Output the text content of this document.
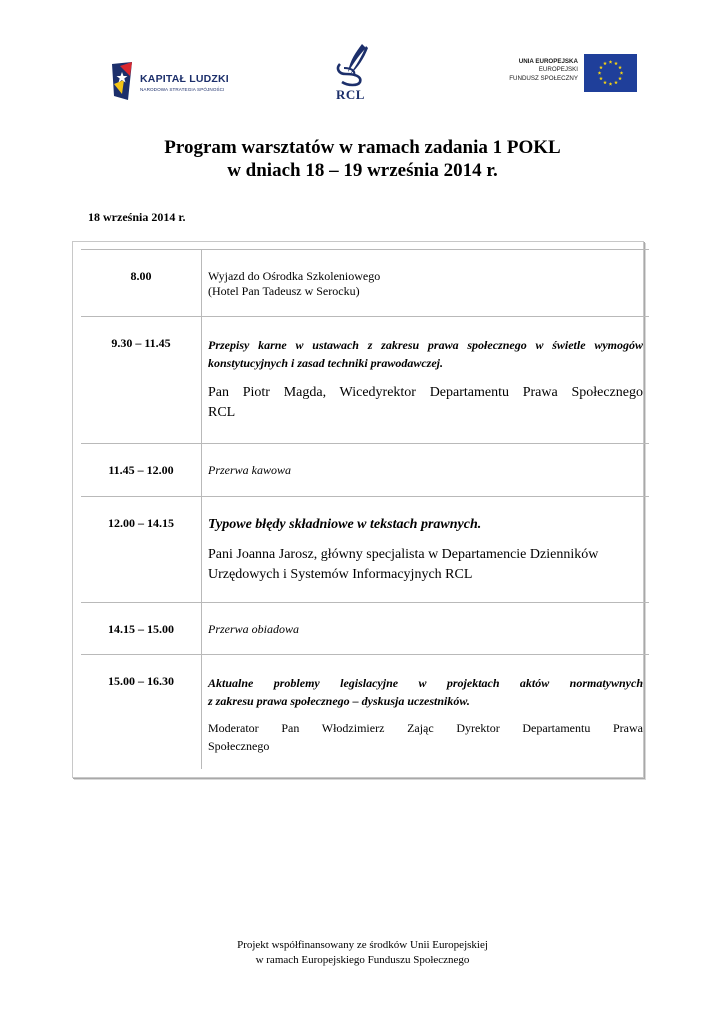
KAPITAŁ LUDZKI
NARODOWA STRATEGIA SPÓJNOŚCI	RCL
UNIA EUROPEJSKA
EUROPEJSKI
FUNDUSZ SPOŁECZNY
Program warsztatów w ramach zadania 1 POKL
w dniach 18 – 19 września 2014 r.
18 września 2014 r.
8.00	Wyjazd do Ośrodka Szkoleniowego
(Hotel Pan Tadeusz w Serocku)

9.30 – 11.45	Przepisy karne w ustawach z zakresu prawa społecznego w świetle wymogów
konstytucyjnych i zasad techniki prawodawczej.
Pan Piotr Magda, Wicedyrektor Departamentu Prawa Społecznego
RCL

11.45 – 12.00	Przerwa kawowa

12.00 – 14.15	Typowe błędy składniowe w tekstach prawnych.
Pani Joanna Jarosz, główny specjalista w Departamencie Dzienników
Urzędowych i Systemów Informacyjnych RCL

14.15 – 15.00	Przerwa obiadowa

15.00 – 16.30	Aktualne problemy legislacyjne w projektach aktów normatywnych
z zakresu prawa społecznego – dyskusja uczestników.
Moderator Pan Włodzimierz Zając Dyrektor Departamentu Prawa
Społecznego
Projekt współfinansowany ze środków Unii Europejskiej
w ramach Europejskiego Funduszu Społecznego
